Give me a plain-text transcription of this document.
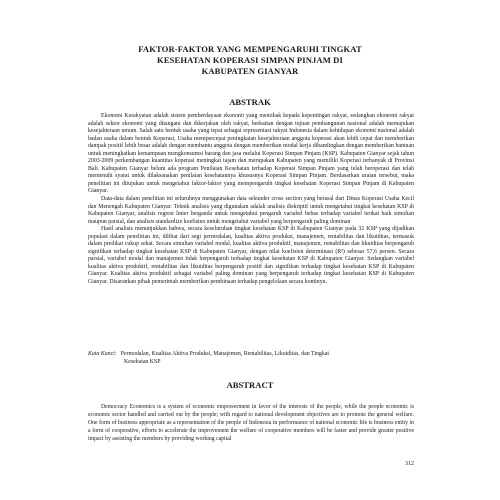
FAKTOR-FAKTOR YANG MEMPENGARUHI TINGKAT
KESEHATAN KOPERASI SIMPAN PINJAM DI
KABUPATEN GIANYAR
ABSTRAK

Ekonomi Kerakyatan adalah sistem pemberdayaan ekonomi yang memihak kepada kepentingan rakyat, sedangkan ekonomi rakyat adalah sektor ekonomi yang ditangani dan dikerjakan oleh rakyat, berkaitan dengan tujuan pembangunan nasional adalah memajukan kesejahteraan umum. Salah satu bentuk usaha yang tepat sebagai representasi rakyat Indonesia dalam kehidupan ekonomi nasional adalah badan usaha dalam bentuk Koperasi, Usaha mempercepat peningkatan kesejahteraan anggota koperasi akan lebih cepat dan memberikan dampak positif lebih besar adalah dengan membantu anggota dengan memberikan modal kerja dibandingkan dengan memberikan bantuan untuk meningkatkan kemampuan mengkonsumsi barang dan jasa melalui Koperasi Simpan Pinjam (KSP). Kabupaten Gianyar sejak tahun 2003-2009 perkembangan kuantitas koperasi meningkat tajam dan merupakan Kabupaten yang memiliki Koperasi terbanyak di Provinsi Bali. Kabupaten Gianyar belum ada program Penilaian Kesehatan terhadap Koperasi Simpan Pinjam yang telah beroperasi dan telah memenuhi syarat untuk dilaksanakan penilaian kesehatannya khususnya Koperasi Simpan Pinjam. Berdasarkan uraian tersebut, maka penelitian ini ditujukan untuk mengetahui faktor-faktor yang mempengaruhi tingkat kesehatan Koperasi Simpan Pinjam di Kabupaten Gianyar.

Data-data dalam penelitian ini seluruhnya menggunakan data sekunder cross section yang berasal dari Dinas Koperasi Usaha Kecil dan Menengah Kabupaten Gianyar. Teknik analisis yang digunakan adalah analisis diskriptif untuk mengetahui tingkat kesehatan KSP di Kabupaten Gianyar, analisis regresi linier berganda untuk mengetahui pengaruh variabel bebas terhadap variabel terikat baik simultan maupun parsial, dan analisis standardize koefisien untuk mengetahui variabel yang berpengaruh paling dominan

Hasil analisis menunjukkan bahwa, secara keseluruhan tingkat kesehatan KSP di Kabupaten Gianyar pada 32 KSP yang dijadikan populasi dalam penelitian ini, dilihat dari segi permodalan, kualitas aktiva produksi, manajemen, rentabilitas dan likuiditas, termasuk dalam predikat cukup sehat. Secara simultan variabel modal, kualitas aktiva produktif, manajemen, rentabilitas dan likuiditas berpengaruh signifikan terhadap tingkat kesehatan KSP di Kabupaten Gianyar, dengan nilai koefisien determinasi (R²) sebesar 57,6 persen. Secara parsial, variabel modal dan manajemen tidak berpengaruh terhadap tingkat kesehatan KSP di Kabupaten Gianyar. Sedangkan variabel kualitas aktiva produktif, rentabilitas dan likuiditas berpengaruh positif dan signifikan terhadap tingkat kesehatan KSP di Kabupaten Gianyar. Kualitas aktiva produktif sebagai variabel paling dominan yang berpengaruh terhadap tingkat kesehatan KSP di Kabupaten Gianyar. Disarankan pihak pemerintah memberikan pembinaan terhadap pengelolaan secara kontinyu.

Kata Kunci: Permodalan, Kualitas Aktiva Produksi, Manajemen, Rentabilitas, Likuiditas, dan Tingkat
Kesehatan KSP
ABSTRACT

Democracy Economics is a system of economic empowerment in favor of the interests of the people, while the people economic is economic sector handled and carried out by the people; with regard to national development objectives are to promote the general welfare. One form of business appropriate as a representation of the people of Indonesia in performance of national economic life is business entity in a form of cooperative, efforts to accelerate the improvement the welfare of cooperative members will be faster and provide greater positive impact by assisting the members by providing working capital

312
